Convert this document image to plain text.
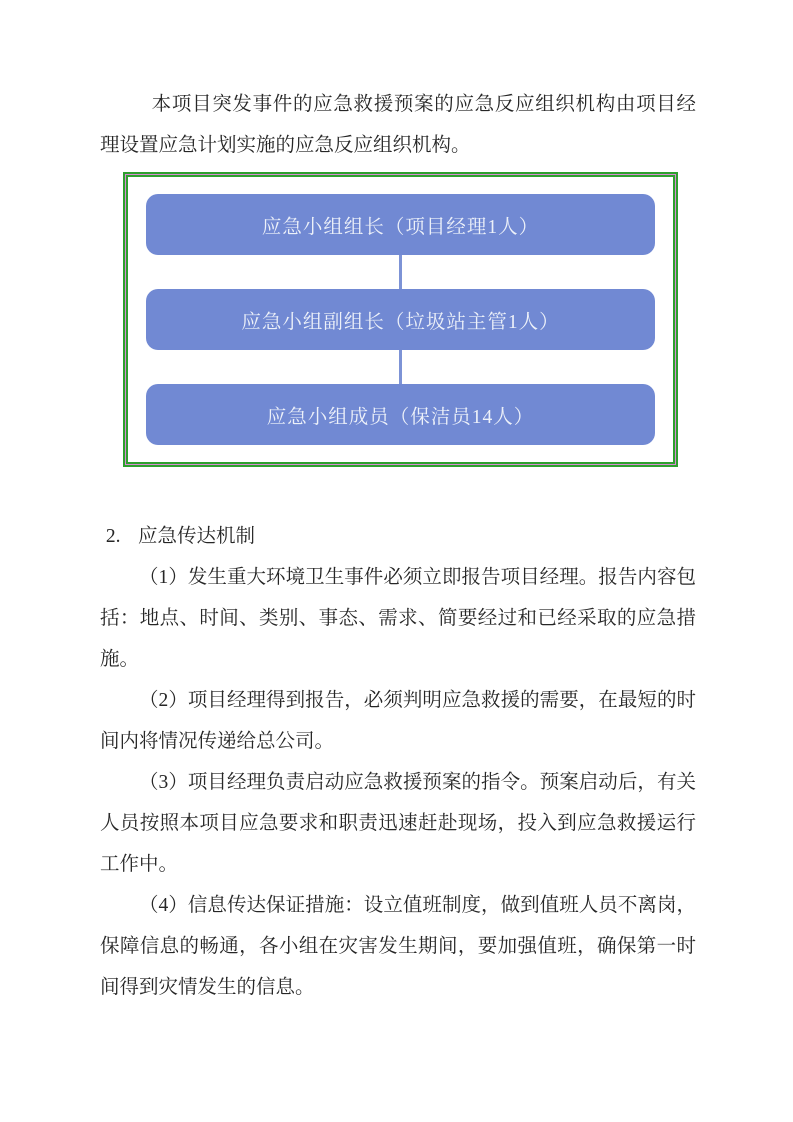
本项目突发事件的应急救援预案的应急反应组织机构由项目经理设置应急计划实施的应急反应组织机构。

应急小组组长（项目经理1人）
应急小组副组长（垃圾站主管1人）
应急小组成员（保洁员14人）

2. 应急传达机制

（1）发生重大环境卫生事件必须立即报告项目经理。报告内容包括：地点、时间、类别、事态、需求、简要经过和已经采取的应急措施。

（2）项目经理得到报告，必须判明应急救援的需要，在最短的时间内将情况传递给总公司。

（3）项目经理负责启动应急救援预案的指令。预案启动后，有关人员按照本项目应急要求和职责迅速赶赴现场，投入到应急救援运行工作中。

（4）信息传达保证措施：设立值班制度，做到值班人员不离岗，保障信息的畅通，各小组在灾害发生期间，要加强值班，确保第一时间得到灾情发生的信息。
